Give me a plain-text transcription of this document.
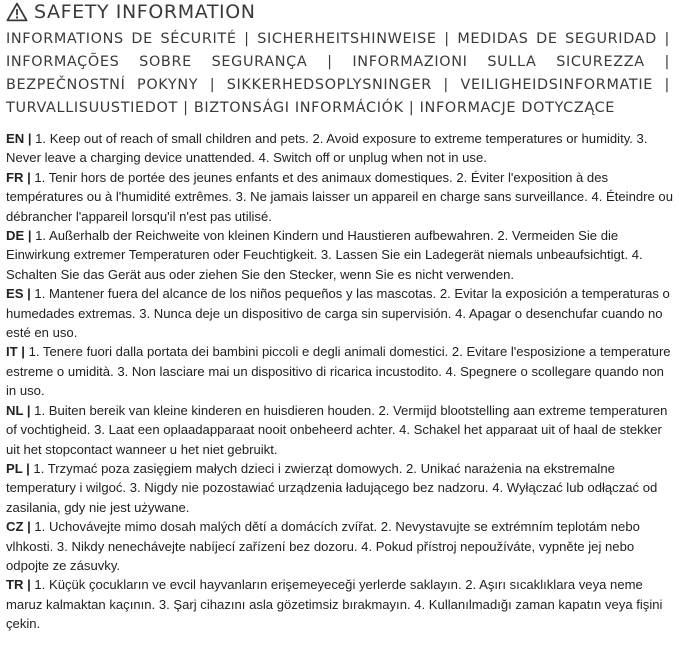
SAFETY INFORMATION
INFORMATIONS DE SÉCURITÉ | SICHERHEITSHINWEISE | MEDIDAS DE SEGURIDAD | INFORMAÇÕES SOBRE SEGURANÇA | INFORMAZIONI SULLA SICUREZZA | BEZPEČNOSTNÍ POKYNY | SIKKERHEDSOPLYSNINGER | VEILIGHEIDSINFORMATIE | TURVALLISUUSTIEDOT | BIZTONSÁGI INFORMÁCIÓK | INFORMACJE DOTYCZĄCE

EN | 1. Keep out of reach of small children and pets. 2. Avoid exposure to extreme temperatures or humidity. 3. Never leave a charging device unattended. 4. Switch off or unplug when not in use.

FR | 1. Tenir hors de portée des jeunes enfants et des animaux domestiques. 2. Éviter l'exposition à des températures ou à l'humidité extrêmes. 3. Ne jamais laisser un appareil en charge sans surveillance. 4. Éteindre ou débrancher l'appareil lorsqu'il n'est pas utilisé.

DE | 1. Außerhalb der Reichweite von kleinen Kindern und Haustieren aufbewahren. 2. Vermeiden Sie die Einwirkung extremer Temperaturen oder Feuchtigkeit. 3. Lassen Sie ein Ladegerät niemals unbeaufsichtigt. 4. Schalten Sie das Gerät aus oder ziehen Sie den Stecker, wenn Sie es nicht verwenden.

ES | 1. Mantener fuera del alcance de los niños pequeños y las mascotas. 2. Evitar la exposición a temperaturas o humedades extremas. 3. Nunca deje un dispositivo de carga sin supervisión. 4. Apagar o desenchufar cuando no esté en uso.

IT | 1. Tenere fuori dalla portata dei bambini piccoli e degli animali domestici. 2. Evitare l'esposizione a temperature estreme o umidità. 3. Non lasciare mai un dispositivo di ricarica incustodito. 4. Spegnere o scollegare quando non in uso.

NL | 1. Buiten bereik van kleine kinderen en huisdieren houden. 2. Vermijd blootstelling aan extreme temperaturen of vochtigheid. 3. Laat een oplaadapparaat nooit onbeheerd achter. 4. Schakel het apparaat uit of haal de stekker uit het stopcontact wanneer u het niet gebruikt.

PL | 1. Trzymać poza zasięgiem małych dzieci i zwierząt domowych. 2. Unikać narażenia na ekstremalne temperatury i wilgoć. 3. Nigdy nie pozostawiać urządzenia ładującego bez nadzoru. 4. Wyłączać lub odłączać od zasilania, gdy nie jest używane.

CZ | 1. Uchovávejte mimo dosah malých dětí a domácích zvířat. 2. Nevystavujte se extrémním teplotám nebo vlhkosti. 3. Nikdy nenechávejte nabíjecí zařízení bez dozoru. 4. Pokud přístroj nepoužíváte, vypněte jej nebo odpojte ze zásuvky.

TR | 1. Küçük çocukların ve evcil hayvanların erişemeyeceği yerlerde saklayın. 2. Aşırı sıcaklıklara veya neme maruz kalmaktan kaçının. 3. Şarj cihazını asla gözetimsiz bırakmayın. 4. Kullanılmadığı zaman kapatın veya fişini çekin.
